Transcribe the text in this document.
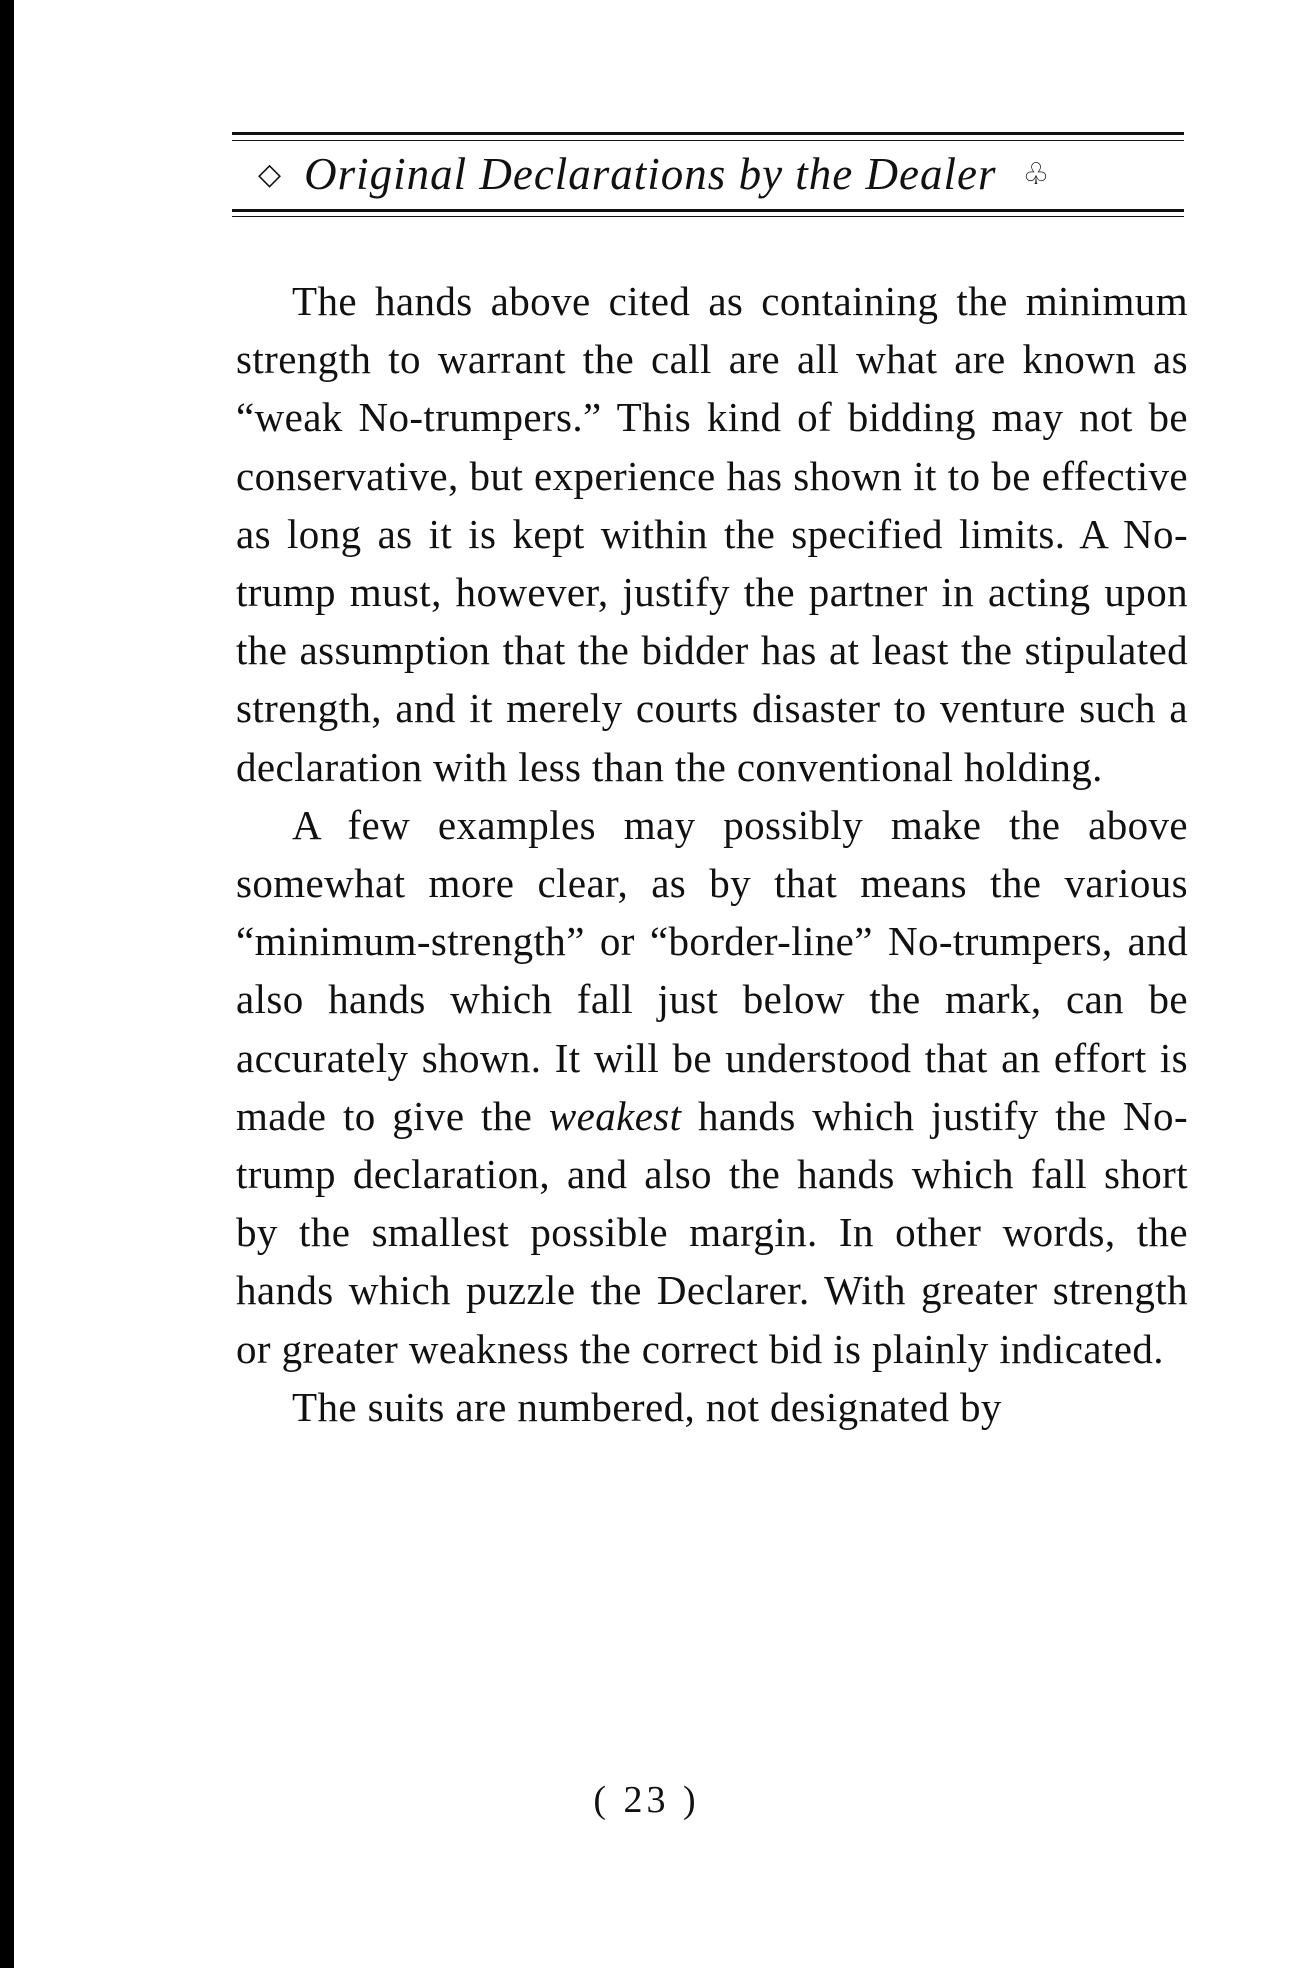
◇ Original Declarations by the Dealer ♧

The hands above cited as containing the minimum strength to warrant the call are all what are known as “weak No-trumpers.” This kind of bidding may not be conservative, but experience has shown it to be effective as long as it is kept within the specified limits. A No-trump must, however, justify the partner in acting upon the assumption that the bidder has at least the stipulated strength, and it merely courts disaster to venture such a declaration with less than the conventional holding.

A few examples may possibly make the above somewhat more clear, as by that means the various “minimum-strength” or “border-line” No-trumpers, and also hands which fall just below the mark, can be accurately shown. It will be understood that an effort is made to give the weakest hands which justify the No-trump declaration, and also the hands which fall short by the smallest possible margin. In other words, the hands which puzzle the Declarer. With greater strength or greater weakness the correct bid is plainly indicated.

The suits are numbered, not designated by

( 23 )
